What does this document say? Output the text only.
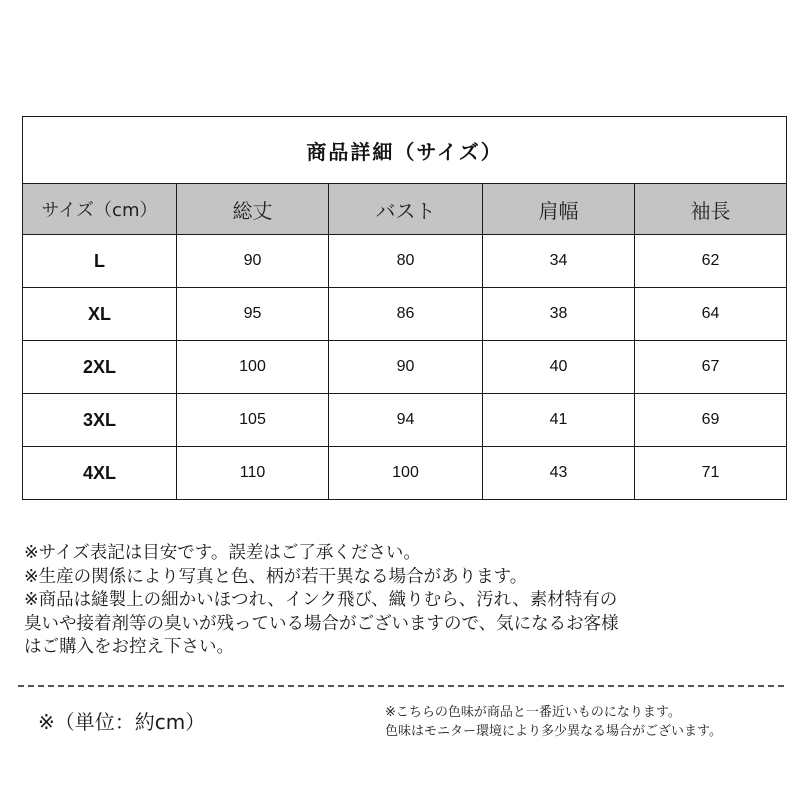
商品詳細（サイズ）				
サイズ（cm）	総丈	バスト	肩幅	袖長
L	90	80	34	62
XL	95	86	38	64
2XL	100	90	40	67
3XL	105	94	41	69
4XL	110	100	43	71
※サイズ表記は目安です。誤差はご了承ください。
※生産の関係により写真と色、柄が若干異なる場合があります。
※商品は縫製上の細かいほつれ、インク飛び、織りむら、汚れ、素材特有の
臭いや接着剤等の臭いが残っている場合がございますので、気になるお客様
はご購入をお控え下さい。
※（単位：約cm）	※こちらの色味が商品と一番近いものになります。
色味はモニター環境により多少異なる場合がございます。
